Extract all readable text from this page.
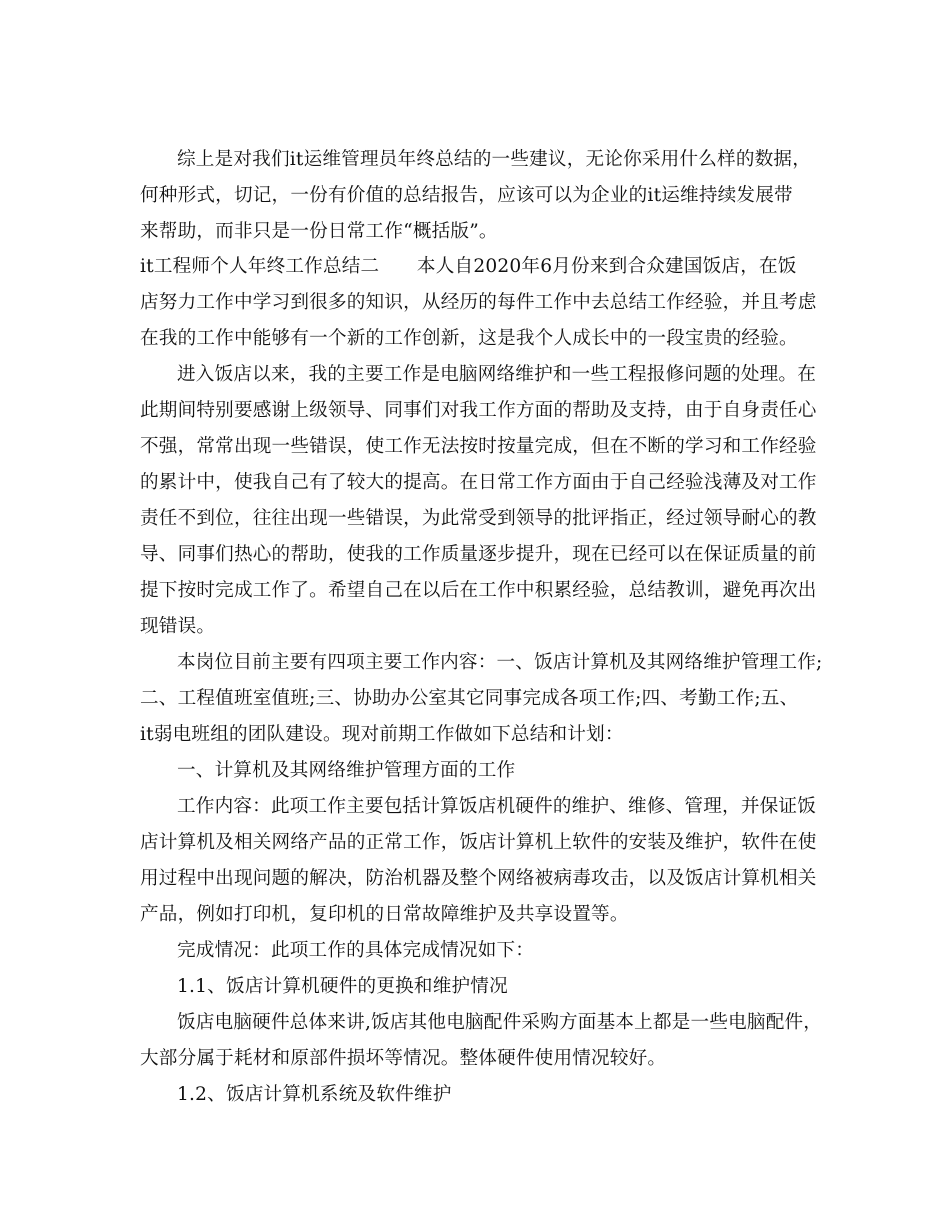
综上是对我们it运维管理员年终总结的一些建议，无论你采用什么样的数据，
何种形式，切记，一份有价值的总结报告，应该可以为企业的it运维持续发展带
来帮助，而非只是一份日常工作“概括版”。
it工程师个人年终工作总结二　　本人自2020年6月份来到合众建国饭店，在饭
店努力工作中学习到很多的知识，从经历的每件工作中去总结工作经验，并且考虑
在我的工作中能够有一个新的工作创新，这是我个人成长中的一段宝贵的经验。
进入饭店以来，我的主要工作是电脑网络维护和一些工程报修问题的处理。在
此期间特别要感谢上级领导、同事们对我工作方面的帮助及支持，由于自身责任心
不强，常常出现一些错误，使工作无法按时按量完成，但在不断的学习和工作经验
的累计中，使我自己有了较大的提高。在日常工作方面由于自己经验浅薄及对工作
责任不到位，往往出现一些错误，为此常受到领导的批评指正，经过领导耐心的教
导、同事们热心的帮助，使我的工作质量逐步提升，现在已经可以在保证质量的前
提下按时完成工作了。希望自己在以后在工作中积累经验，总结教训，避免再次出
现错误。
本岗位目前主要有四项主要工作内容：一、饭店计算机及其网络维护管理工作;
二、工程值班室值班;三、协助办公室其它同事完成各项工作;四、考勤工作;五、
it弱电班组的团队建设。现对前期工作做如下总结和计划：
一、计算机及其网络维护管理方面的工作
工作内容：此项工作主要包括计算饭店机硬件的维护、维修、管理，并保证饭
店计算机及相关网络产品的正常工作，饭店计算机上软件的安装及维护，软件在使
用过程中出现问题的解决，防治机器及整个网络被病毒攻击，以及饭店计算机相关
产品，例如打印机，复印机的日常故障维护及共享设置等。
完成情况：此项工作的具体完成情况如下：
1.1、饭店计算机硬件的更换和维护情况
饭店电脑硬件总体来讲,饭店其他电脑配件采购方面基本上都是一些电脑配件，
大部分属于耗材和原部件损坏等情况。整体硬件使用情况较好。
1.2、饭店计算机系统及软件维护
